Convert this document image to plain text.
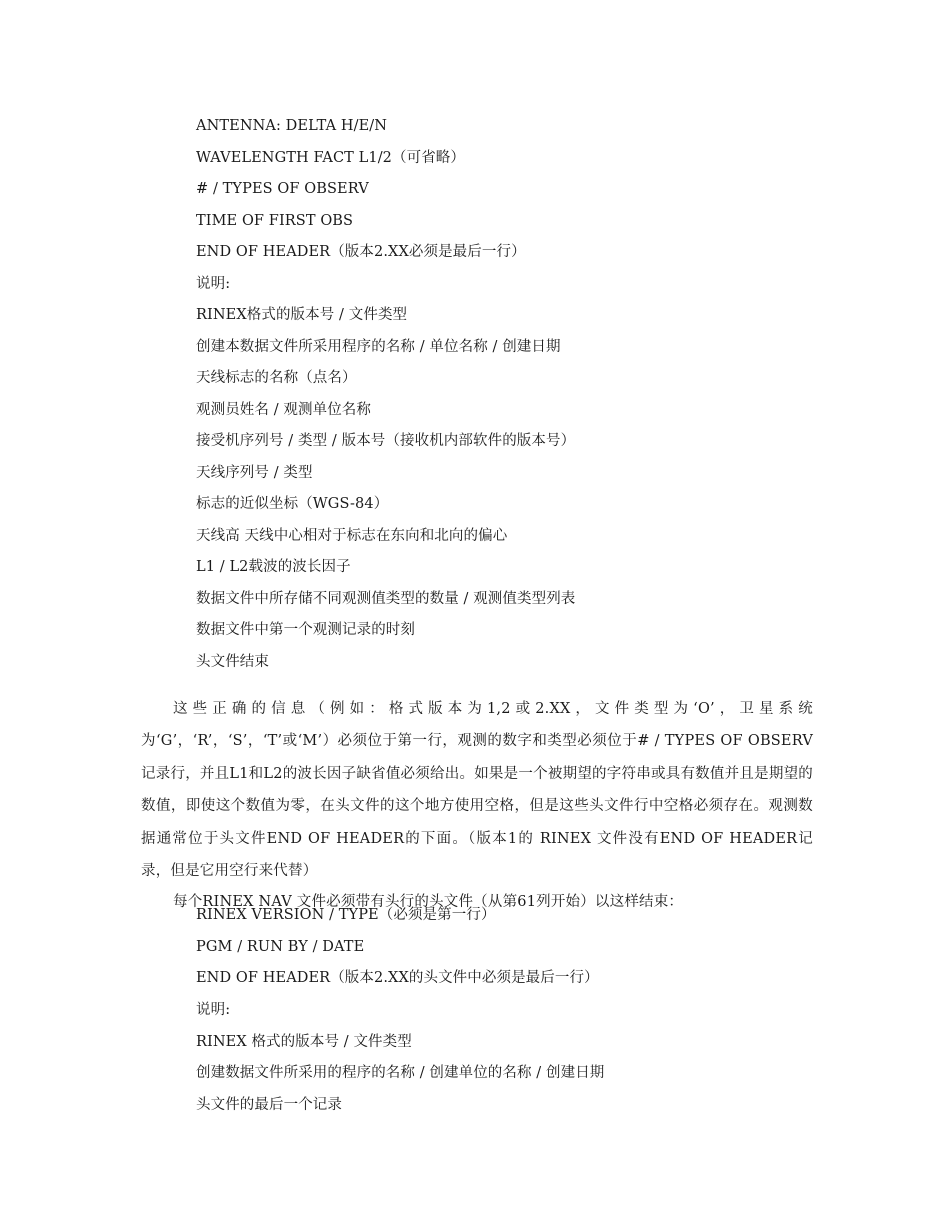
ANTENNA: DELTA H/E/N
WAVELENGTH FACT L1/2（可省略）
# / TYPES OF OBSERV
TIME OF FIRST OBS
END OF HEADER（版本2.XX必须是最后一行）
说明:
RINEX格式的版本号 / 文件类型
创建本数据文件所采用程序的名称 / 单位名称 / 创建日期
天线标志的名称（点名）
观测员姓名 / 观测单位名称
接受机序列号 / 类型 / 版本号（接收机内部软件的版本号）
天线序列号 / 类型
标志的近似坐标（WGS-84）
天线高 天线中心相对于标志在东向和北向的偏心
L1 / L2载波的波长因子
数据文件中所存储不同观测值类型的数量 / 观测值类型列表
数据文件中第一个观测记录的时刻
头文件结束

这些正确的信息（例如：格式版本为1,2或2.XX，文件类型为‘O’，卫星系统为‘G’，‘R’，‘S’，‘T’或‘M’）必须位于第一行，观测的数字和类型必须位于# / TYPES OF OBSERV记录行，并且L1和L2的波长因子缺省值必须给出。如果是一个被期望的字符串或具有数值并且是期望的数值，即使这个数值为零，在头文件的这个地方使用空格，但是这些头文件行中空格必须存在。观测数据通常位于头文件END OF HEADER的下面。（版本1的 RINEX 文件没有END OF HEADER记录，但是它用空行来代替）

每个RINEX NAV 文件必须带有头行的头文件（从第61列开始）以这样结束：

RINEX VERSION / TYPE（必须是第一行）
PGM / RUN BY / DATE
END OF HEADER（版本2.XX的头文件中必须是最后一行）
说明:
RINEX 格式的版本号 / 文件类型
创建数据文件所采用的程序的名称 / 创建单位的名称 / 创建日期
头文件的最后一个记录
